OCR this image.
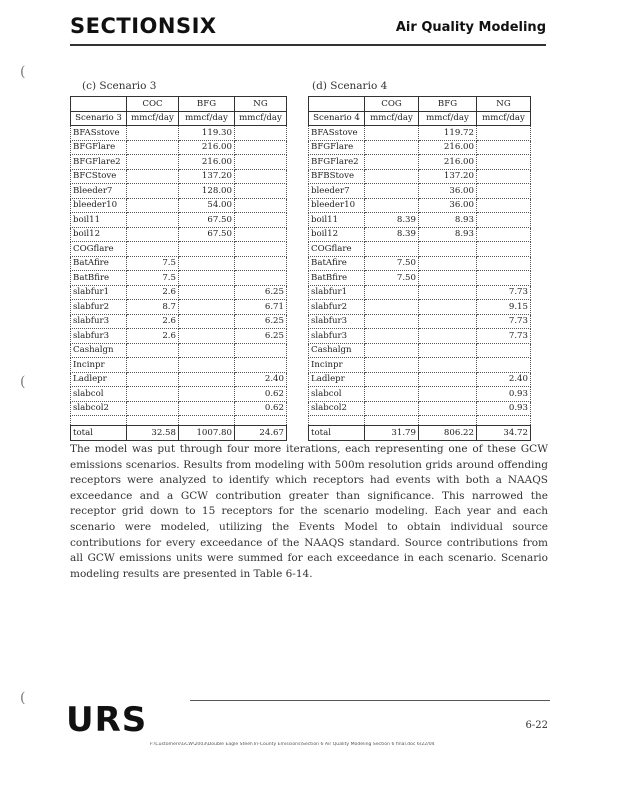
SECTIONSIX	Air Quality Modeling
(
(
(
(c) Scenario 3
	COC	BFG	NG
Scenario 3	mmcf/day	mmcf/day	mmcf/day
BFASstove		119.30	
BFGFlare		216.00	
BFGFlare2		216.00	
BFCStove		137.20	
Bleeder7		128.00	
bleeder10		54.00	
boil11		67.50	
boil12		67.50	
COGflare			
BatAfire	7.5		
BatBfire	7.5		
slabfur1	2.6		6.25
slabfur2	8.7		6.71
slabfur3	2.6		6.25
slabfur3	2.6		6.25
Cashalgn			
Incinpr			
Ladlepr			2.40
slabcol			0.62
slabcol2			0.62

total	32.58	1007.80	24.67
(d) Scenario 4
	COG	BFG	NG
Scenario 4	mmcf/day	mmcf/day	mmcf/day
BFASstove		119.72	
BFGFlare		216.00	
BFGFlare2		216.00	
BFBStove		137.20	
bleeder7		36.00	
bleeder10		36.00	
boil11	8.39	8.93	
boil12	8.39	8.93	
COGflare			
BatAfire	7.50		
BatBfire	7.50		
slabfur1			7.73
slabfur2			9.15
slabfur3			7.73
slabfur3			7.73
Cashalgn			
Incinpr			
Ladlepr			2.40
slabcol			0.93
slabcol2			0.93

total	31.79	806.22	34.72
The model was put through four more iterations, each representing one of these GCW emissions scenarios. Results from modeling with 500m resolution grids around offending receptors were analyzed to identify which receptors had events with both a NAAQS exceedance and a GCW contribution greater than significance. This narrowed the receptor grid down to 15 receptors for the scenario modeling. Each year and each scenario were modeled, utilizing the Events Model to obtain individual source contributions for every exceedance of the NAAQS standard. Source contributions from all GCW emissions units were summed for each exceedance in each scenario. Scenario modeling results are presented in Table 6-14.
URS	6-22
F:\Customers\GCW\2003\Double Eagle Steel\Tri-County Emissions\Section 6 Air Quality Modeling Section 6 final.doc 6/22/04
